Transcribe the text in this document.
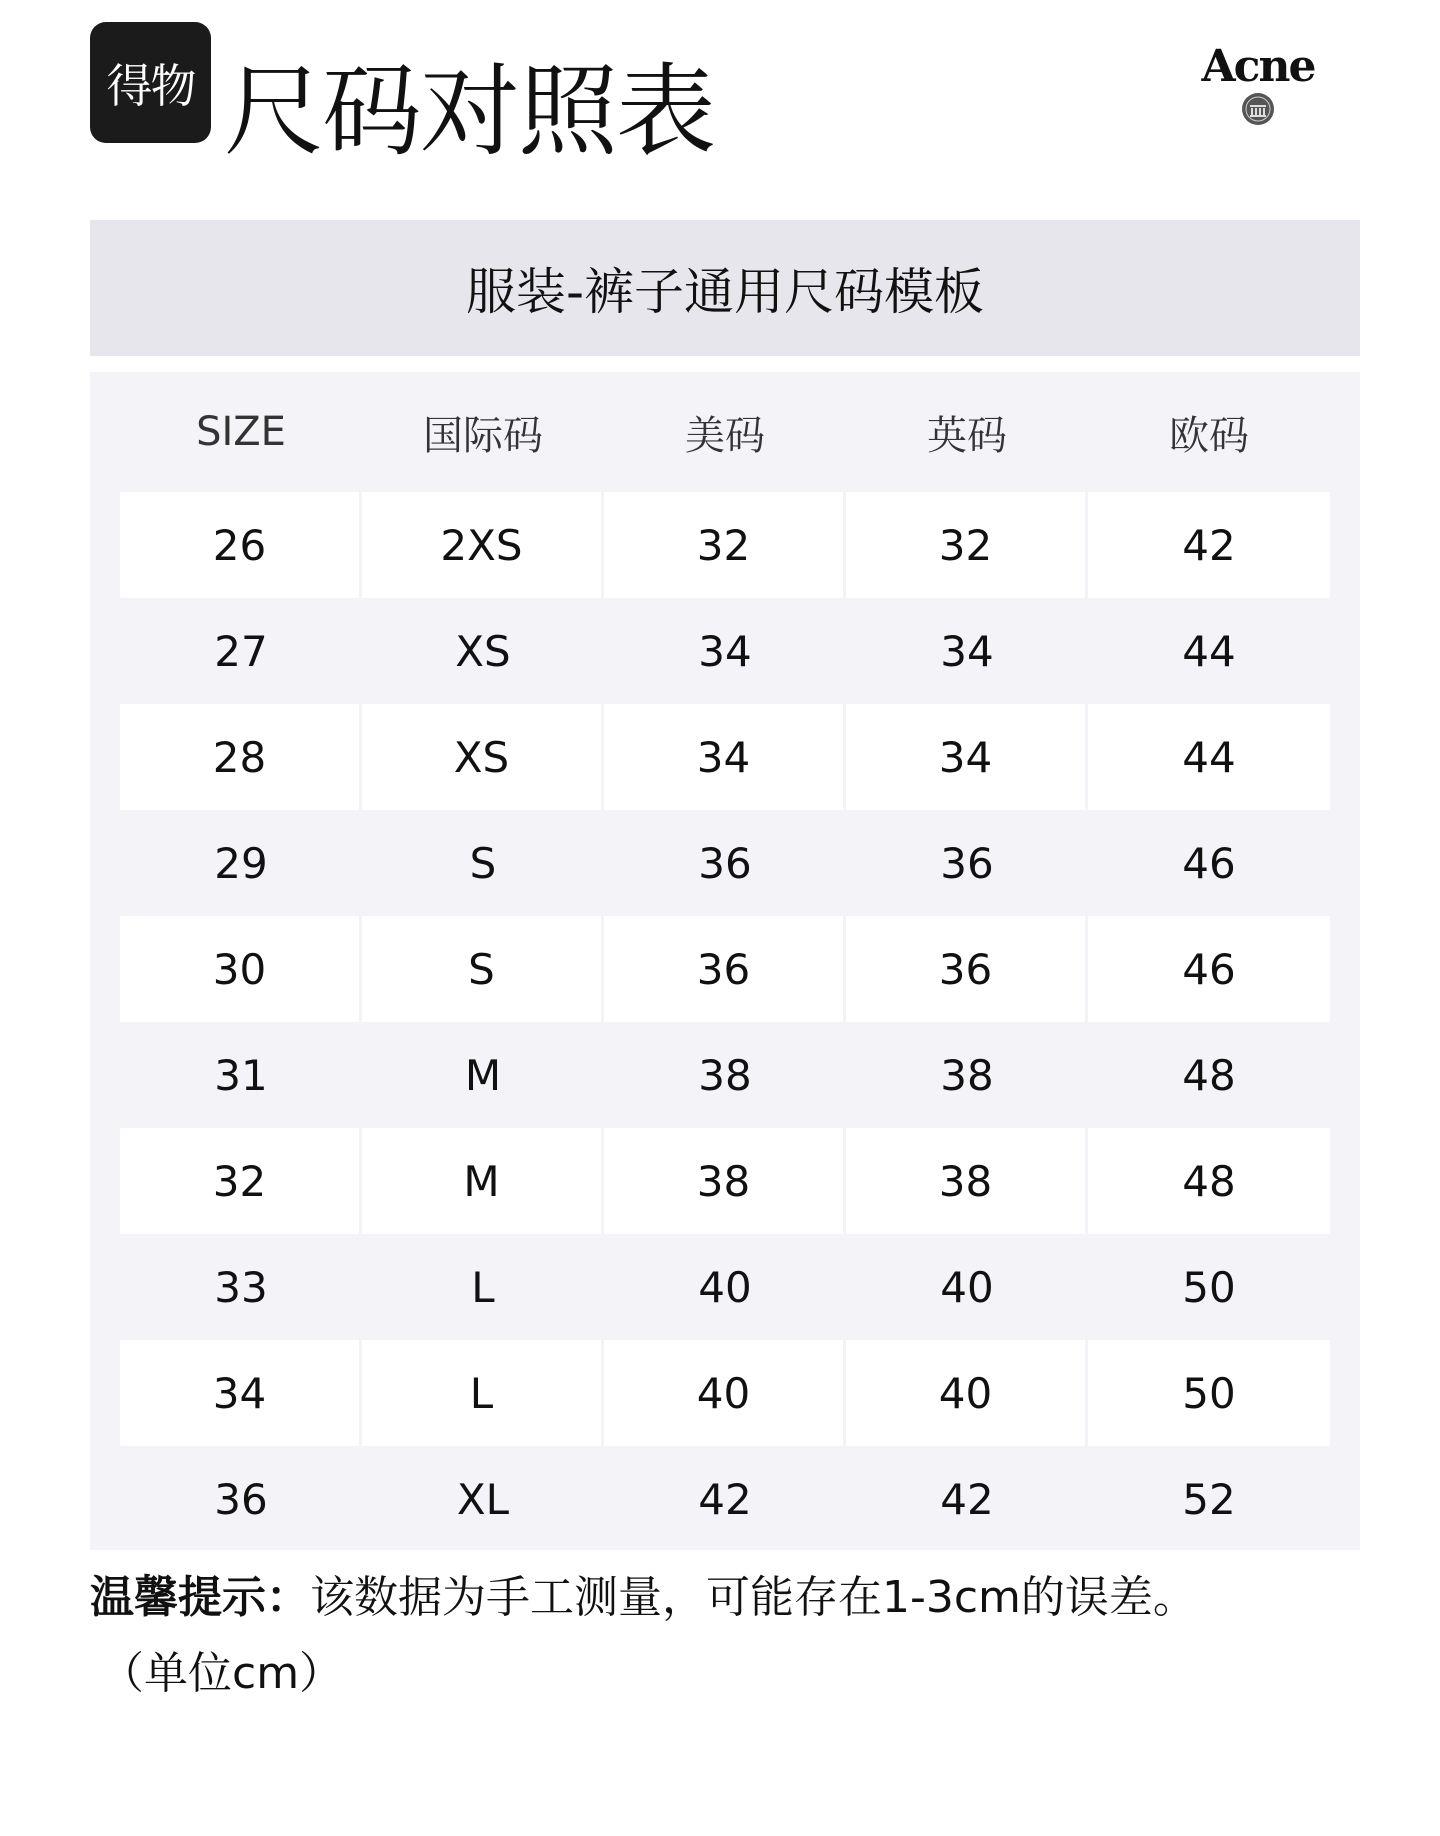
得物 尺码对照表	Acne
服装-裤子通用尺码模板
SIZE	国际码	美码	英码	欧码
26	2XS	32	32	42
27	XS	34	34	44
28	XS	34	34	44
29	S	36	36	46
30	S	36	36	46
31	M	38	38	48
32	M	38	38	48
33	L	40	40	50
34	L	40	40	50
36	XL	42	42	52
温馨提示：该数据为手工测量，可能存在1-3cm的误差。
（单位cm）
